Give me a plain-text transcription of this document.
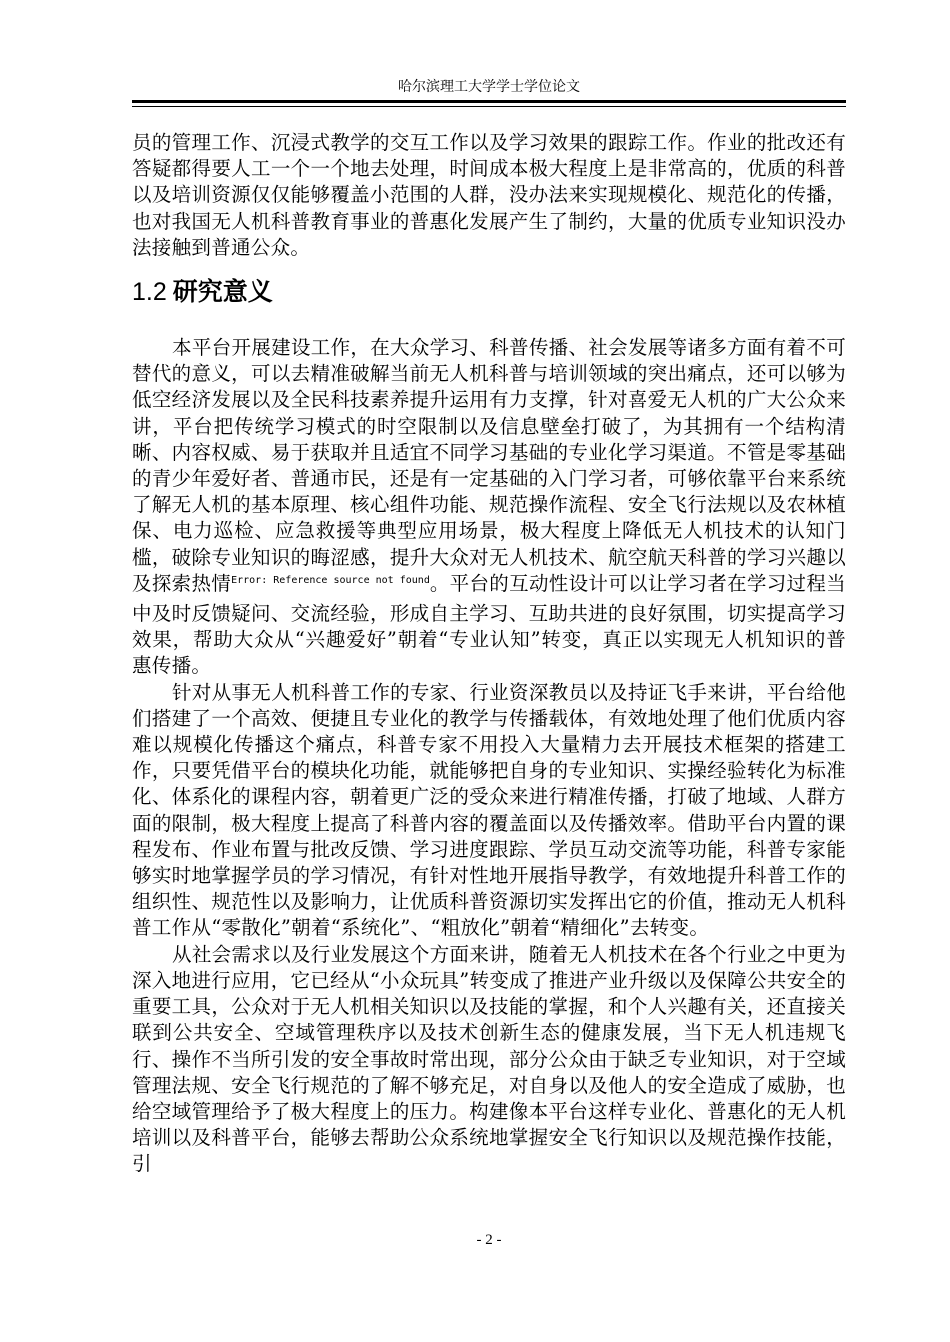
哈尔滨理工大学学士学位论文

员的管理工作、沉浸式教学的交互工作以及学习效果的跟踪工作。作业的批改还有答疑都得要人工一个一个地去处理，时间成本极大程度上是非常高的，优质的科普以及培训资源仅仅能够覆盖小范围的人群，没办法来实现规模化、规范化的传播，也对我国无人机科普教育事业的普惠化发展产生了制约，大量的优质专业知识没办法接触到普通公众。

1.2 研究意义

本平台开展建设工作，在大众学习、科普传播、社会发展等诸多方面有着不可替代的意义，可以去精准破解当前无人机科普与培训领域的突出痛点，还可以够为低空经济发展以及全民科技素养提升运用有力支撑，针对喜爱无人机的广大公众来讲，平台把传统学习模式的时空限制以及信息壁垒打破了，为其拥有一个结构清晰、内容权威、易于获取并且适宜不同学习基础的专业化学习渠道。不管是零基础的青少年爱好者、普通市民，还是有一定基础的入门学习者，可够依靠平台来系统了解无人机的基本原理、核心组件功能、规范操作流程、安全飞行法规以及农林植保、电力巡检、应急救援等典型应用场景，极大程度上降低无人机技术的认知门槛，破除专业知识的晦涩感，提升大众对无人机技术、航空航天科普的学习兴趣以及探索热情$^{Error: Reference source not found}$。平台的互动性设计可以让学习者在学习过程当中及时反馈疑问、交流经验，形成自主学习、互助共进的良好氛围，切实提高学习效果，帮助大众从“兴趣爱好”朝着“专业认知”转变，真正以实现无人机知识的普惠传播。

针对从事无人机科普工作的专家、行业资深教员以及持证飞手来讲，平台给他们搭建了一个高效、便捷且专业化的教学与传播载体，有效地处理了他们优质内容难以规模化传播这个痛点，科普专家不用投入大量精力去开展技术框架的搭建工作，只要凭借平台的模块化功能，就能够把自身的专业知识、实操经验转化为标准化、体系化的课程内容，朝着更广泛的受众来进行精准传播，打破了地域、人群方面的限制，极大程度上提高了科普内容的覆盖面以及传播效率。借助平台内置的课程发布、作业布置与批改反馈、学习进度跟踪、学员互动交流等功能，科普专家能够实时地掌握学员的学习情况，有针对性地开展指导教学，有效地提升科普工作的组织性、规范性以及影响力，让优质科普资源切实发挥出它的价值，推动无人机科普工作从“零散化”朝着“系统化”、“粗放化”朝着“精细化”去转变。

从社会需求以及行业发展这个方面来讲，随着无人机技术在各个行业之中更为深入地进行应用，它已经从“小众玩具”转变成了推进产业升级以及保障公共安全的重要工具，公众对于无人机相关知识以及技能的掌握，和个人兴趣有关，还直接关联到公共安全、空域管理秩序以及技术创新生态的健康发展，当下无人机违规飞行、操作不当所引发的安全事故时常出现，部分公众由于缺乏专业知识，对于空域管理法规、安全飞行规范的了解不够充足，对自身以及他人的安全造成了威胁，也给空域管理给予了极大程度上的压力。构建像本平台这样专业化、普惠化的无人机培训以及科普平台，能够去帮助公众系统地掌握安全飞行知识以及规范操作技能，引

- 2 -
